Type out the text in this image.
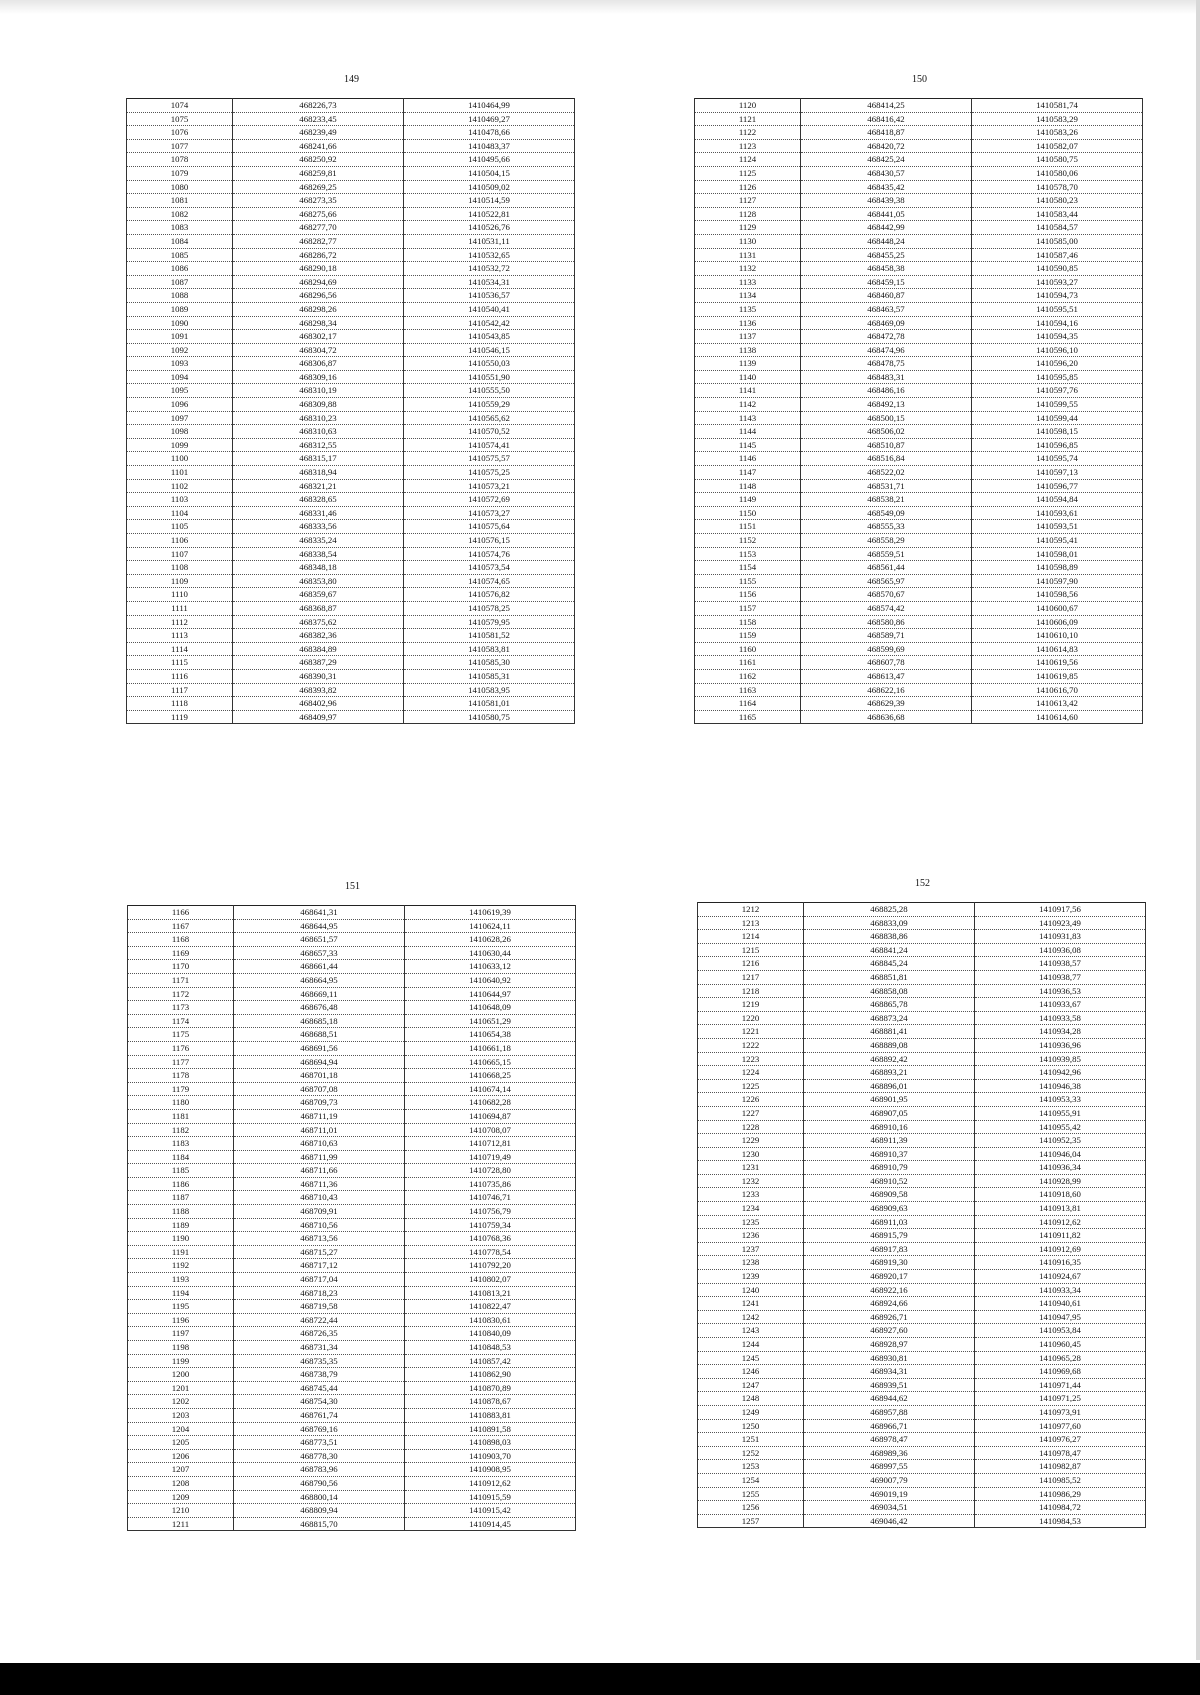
149
1074	468226,73	1410464,99
1075	468233,45	1410469,27
1076	468239,49	1410478,66
1077	468241,66	1410483,37
1078	468250,92	1410495,66
1079	468259,81	1410504,15
1080	468269,25	1410509,02
1081	468273,35	1410514,59
1082	468275,66	1410522,81
1083	468277,70	1410526,76
1084	468282,77	1410531,11
1085	468286,72	1410532,65
1086	468290,18	1410532,72
1087	468294,69	1410534,31
1088	468296,56	1410536,57
1089	468298,26	1410540,41
1090	468298,34	1410542,42
1091	468302,17	1410543,85
1092	468304,72	1410546,15
1093	468306,87	1410550,03
1094	468309,16	1410551,90
1095	468310,19	1410555,50
1096	468309,88	1410559,29
1097	468310,23	1410565,62
1098	468310,63	1410570,52
1099	468312,55	1410574,41
1100	468315,17	1410575,57
1101	468318,94	1410575,25
1102	468321,21	1410573,21
1103	468328,65	1410572,69
1104	468331,46	1410573,27
1105	468333,56	1410575,64
1106	468335,24	1410576,15
1107	468338,54	1410574,76
1108	468348,18	1410573,54
1109	468353,80	1410574,65
1110	468359,67	1410576,82
1111	468368,87	1410578,25
1112	468375,62	1410579,95
1113	468382,36	1410581,52
1114	468384,89	1410583,81
1115	468387,29	1410585,30
1116	468390,31	1410585,31
1117	468393,82	1410583,95
1118	468402,96	1410581,01
1119	468409,97	1410580,75
150
1120	468414,25	1410581,74
1121	468416,42	1410583,29
1122	468418,87	1410583,26
1123	468420,72	1410582,07
1124	468425,24	1410580,75
1125	468430,57	1410580,06
1126	468435,42	1410578,70
1127	468439,38	1410580,23
1128	468441,05	1410583,44
1129	468442,99	1410584,57
1130	468448,24	1410585,00
1131	468455,25	1410587,46
1132	468458,38	1410590,85
1133	468459,15	1410593,27
1134	468460,87	1410594,73
1135	468463,57	1410595,51
1136	468469,09	1410594,16
1137	468472,78	1410594,35
1138	468474,96	1410596,10
1139	468478,75	1410596,20
1140	468483,31	1410595,85
1141	468486,16	1410597,76
1142	468492,13	1410599,55
1143	468500,15	1410599,44
1144	468506,02	1410598,15
1145	468510,87	1410596,85
1146	468516,84	1410595,74
1147	468522,02	1410597,13
1148	468531,71	1410596,77
1149	468538,21	1410594,84
1150	468549,09	1410593,61
1151	468555,33	1410593,51
1152	468558,29	1410595,41
1153	468559,51	1410598,01
1154	468561,44	1410598,89
1155	468565,97	1410597,90
1156	468570,67	1410598,56
1157	468574,42	1410600,67
1158	468580,86	1410606,09
1159	468589,71	1410610,10
1160	468599,69	1410614,83
1161	468607,78	1410619,56
1162	468613,47	1410619,85
1163	468622,16	1410616,70
1164	468629,39	1410613,42
1165	468636,68	1410614,60
151
1166	468641,31	1410619,39
1167	468644,95	1410624,11
1168	468651,57	1410628,26
1169	468657,33	1410630,44
1170	468661,44	1410633,12
1171	468664,95	1410640,92
1172	468669,11	1410644,97
1173	468676,48	1410648,09
1174	468685,18	1410651,29
1175	468688,51	1410654,38
1176	468691,56	1410661,18
1177	468694,94	1410665,15
1178	468701,18	1410668,25
1179	468707,08	1410674,14
1180	468709,73	1410682,28
1181	468711,19	1410694,87
1182	468711,01	1410708,07
1183	468710,63	1410712,81
1184	468711,99	1410719,49
1185	468711,66	1410728,80
1186	468711,36	1410735,86
1187	468710,43	1410746,71
1188	468709,91	1410756,79
1189	468710,56	1410759,34
1190	468713,56	1410768,36
1191	468715,27	1410778,54
1192	468717,12	1410792,20
1193	468717,04	1410802,07
1194	468718,23	1410813,21
1195	468719,58	1410822,47
1196	468722,44	1410830,61
1197	468726,35	1410840,09
1198	468731,34	1410848,53
1199	468735,35	1410857,42
1200	468738,79	1410862,90
1201	468745,44	1410870,89
1202	468754,30	1410878,67
1203	468761,74	1410883,81
1204	468769,16	1410891,58
1205	468773,51	1410898,03
1206	468778,30	1410903,70
1207	468783,96	1410908,95
1208	468790,56	1410912,62
1209	468800,14	1410915,59
1210	468809,94	1410915,42
1211	468815,70	1410914,45
152
1212	468825,28	1410917,56
1213	468833,09	1410923,49
1214	468838,86	1410931,83
1215	468841,24	1410936,08
1216	468845,24	1410938,57
1217	468851,81	1410938,77
1218	468858,08	1410936,53
1219	468865,78	1410933,67
1220	468873,24	1410933,58
1221	468881,41	1410934,28
1222	468889,08	1410936,96
1223	468892,42	1410939,85
1224	468893,21	1410942,96
1225	468896,01	1410946,38
1226	468901,95	1410953,33
1227	468907,05	1410955,91
1228	468910,16	1410955,42
1229	468911,39	1410952,35
1230	468910,37	1410946,04
1231	468910,79	1410936,34
1232	468910,52	1410928,99
1233	468909,58	1410918,60
1234	468909,63	1410913,81
1235	468911,03	1410912,62
1236	468915,79	1410911,82
1237	468917,83	1410912,69
1238	468919,30	1410916,35
1239	468920,17	1410924,67
1240	468922,16	1410933,34
1241	468924,66	1410940,61
1242	468926,71	1410947,95
1243	468927,60	1410953,84
1244	468928,97	1410960,45
1245	468930,81	1410965,28
1246	468934,31	1410969,68
1247	468939,51	1410971,44
1248	468944,62	1410971,25
1249	468957,88	1410973,91
1250	468966,71	1410977,60
1251	468978,47	1410976,27
1252	468989,36	1410978,47
1253	468997,55	1410982,87
1254	469007,79	1410985,52
1255	469019,19	1410986,29
1256	469034,51	1410984,72
1257	469046,42	1410984,53
